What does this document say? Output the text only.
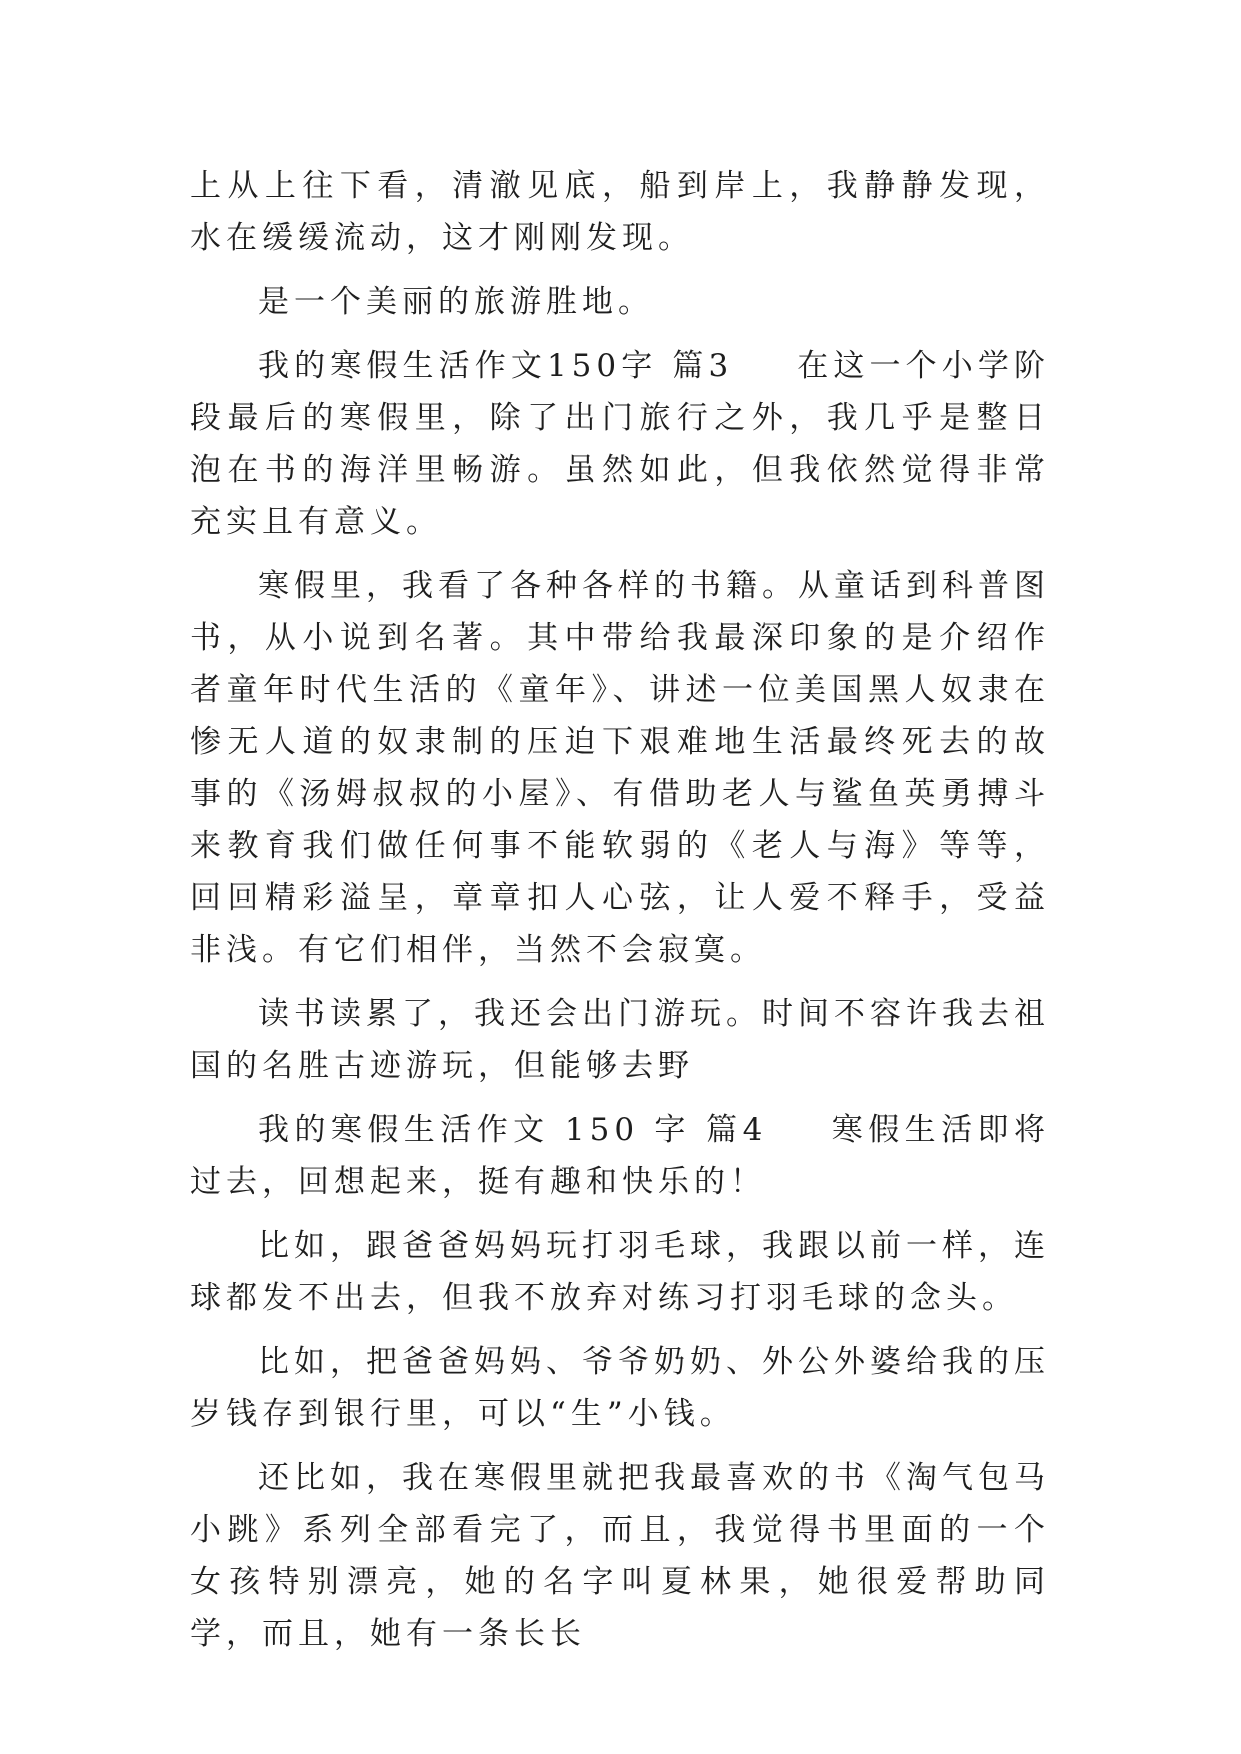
上从上往下看，清澈见底，船到岸上，我静静发现，水在缓缓流动，这才刚刚发现。

是一个美丽的旅游胜地。

我的寒假生活作文150字 篇3 在这一个小学阶段最后的寒假里，除了出门旅行之外，我几乎是整日泡在书的海洋里畅游。虽然如此，但我依然觉得非常充实且有意义。

寒假里，我看了各种各样的书籍。从童话到科普图书，从小说到名著。其中带给我最深印象的是介绍作者童年时代生活的《童年》、讲述一位美国黑人奴隶在惨无人道的奴隶制的压迫下艰难地生活最终死去的故事的《汤姆叔叔的小屋》、有借助老人与鲨鱼英勇搏斗来教育我们做任何事不能软弱的《老人与海》等等，回回精彩溢呈，章章扣人心弦，让人爱不释手，受益非浅。有它们相伴，当然不会寂寞。

读书读累了，我还会出门游玩。时间不容许我去祖国的名胜古迹游玩，但能够去野

我的寒假生活作文 150 字 篇4 寒假生活即将过去，回想起来，挺有趣和快乐的！

比如，跟爸爸妈妈玩打羽毛球，我跟以前一样，连球都发不出去，但我不放弃对练习打羽毛球的念头。

比如，把爸爸妈妈、爷爷奶奶、外公外婆给我的压岁钱存到银行里，可以“生”小钱。

还比如，我在寒假里就把我最喜欢的书《淘气包马小跳》系列全部看完了，而且，我觉得书里面的一个女孩特别漂亮，她的名字叫夏林果，她很爱帮助同学，而且，她有一条长长
